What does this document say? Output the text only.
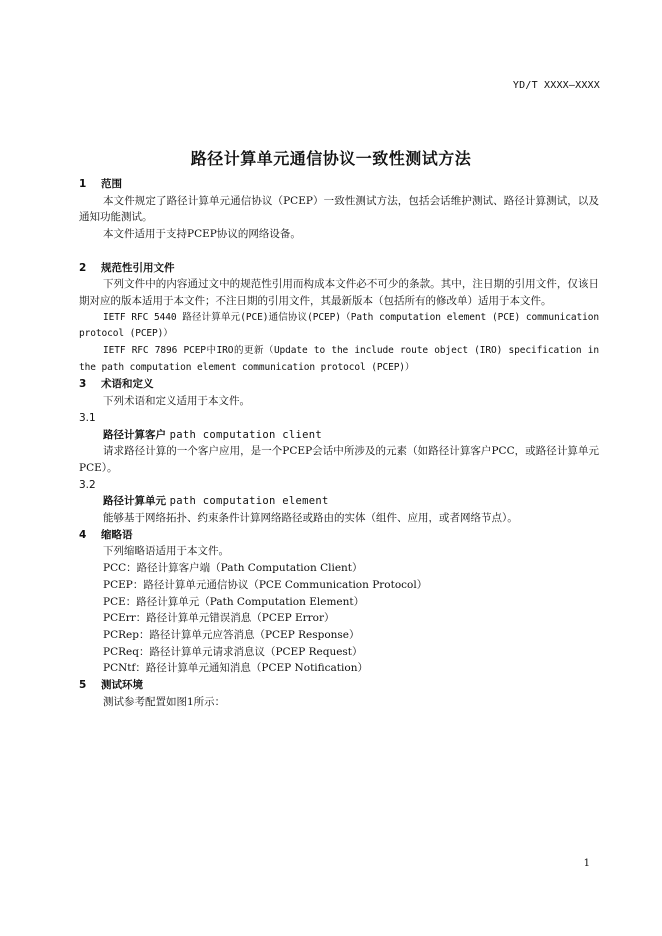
YD/T XXXX—XXXX
路径计算单元通信协议一致性测试方法
1 范围
本文件规定了路径计算单元通信协议（PCEP）一致性测试方法，包括会话维护测试、路径计算测试，以及通知功能测试。
本文件适用于支持PCEP协议的网络设备。
2 规范性引用文件
下列文件中的内容通过文中的规范性引用而构成本文件必不可少的条款。其中，注日期的引用文件，仅该日期对应的版本适用于本文件；不注日期的引用文件，其最新版本（包括所有的修改单）适用于本文件。
IETF RFC 5440 路径计算单元(PCE)通信协议(PCEP)（Path computation element (PCE) communication protocol (PCEP)）
IETF RFC 7896 PCEP中IRO的更新（Update to the include route object (IRO) specification in the path computation element communication protocol (PCEP)）
3 术语和定义
下列术语和定义适用于本文件。
3.1
路径计算客户 path computation client
请求路径计算的一个客户应用，是一个PCEP会话中所涉及的元素（如路径计算客户PCC，或路径计算单元PCE）。
3.2
路径计算单元 path computation element
能够基于网络拓扑、约束条件计算网络路径或路由的实体（组件、应用，或者网络节点）。
4 缩略语
下列缩略语适用于本文件。
PCC：路径计算客户端（Path Computation Client）
PCEP：路径计算单元通信协议（PCE Communication Protocol）
PCE：路径计算单元（Path Computation Element）
PCErr：路径计算单元错误消息（PCEP Error）
PCRep：路径计算单元应答消息（PCEP Response）
PCReq：路径计算单元请求消息议（PCEP Request）
PCNtf：路径计算单元通知消息（PCEP Notification）
5 测试环境
测试参考配置如图1所示：
1
